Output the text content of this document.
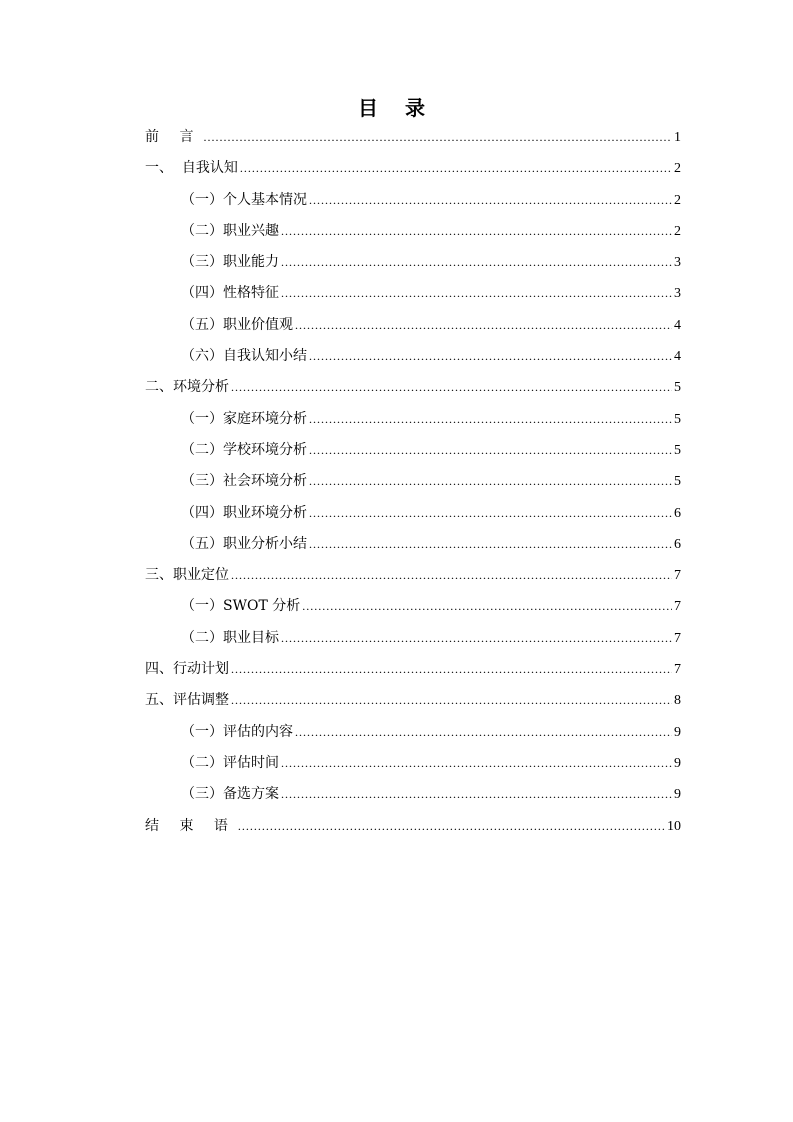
目 录
前 言 .....	1
一、  自我认知 .....	2
（一）个人基本情况 .....	2
（二）职业兴趣 .....	2
（三）职业能力 .....	3
（四）性格特征 .....	3
（五）职业价值观 .....	4
（六）自我认知小结 .....	4
二、环境分析 .....	5
（一）家庭环境分析 .....	5
（二）学校环境分析 .....	5
（三）社会环境分析 .....	5
（四）职业环境分析 .....	6
（五）职业分析小结 .....	6
三、职业定位 .....	7
（一）SWOT 分析 .....	7
（二）职业目标 .....	7
四、行动计划 .....	7
五、评估调整 .....	8
（一）评估的内容 .....	9
（二）评估时间 .....	9
（三）备选方案 .....	9
结 束 语 .....	10
